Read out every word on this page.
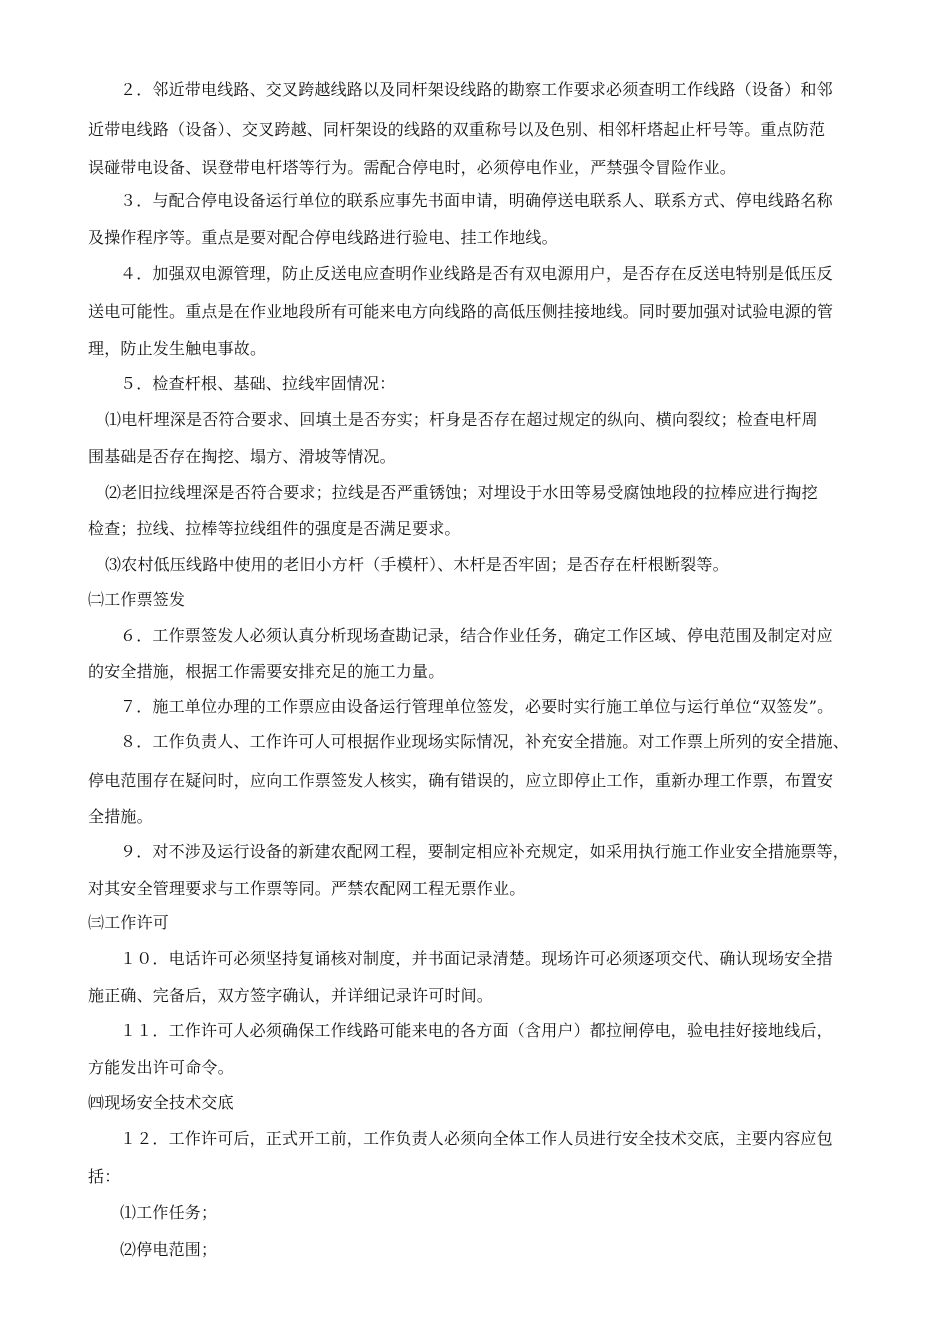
２．邻近带电线路、交叉跨越线路以及同杆架设线路的勘察工作要求必须查明工作线路（设备）和邻
近带电线路（设备）、交叉跨越、同杆架设的线路的双重称号以及色别、相邻杆塔起止杆号等。重点防范
误碰带电设备、误登带电杆塔等行为。需配合停电时，必须停电作业，严禁强令冒险作业。
３．与配合停电设备运行单位的联系应事先书面申请，明确停送电联系人、联系方式、停电线路名称
及操作程序等。重点是要对配合停电线路进行验电、挂工作地线。
４．加强双电源管理，防止反送电应查明作业线路是否有双电源用户，是否存在反送电特别是低压反
送电可能性。重点是在作业地段所有可能来电方向线路的高低压侧挂接地线。同时要加强对试验电源的管
理，防止发生触电事故。
５．检查杆根、基础、拉线牢固情况：
⑴电杆埋深是否符合要求、回填土是否夯实；杆身是否存在超过规定的纵向、横向裂纹；检查电杆周
围基础是否存在掏挖、塌方、滑坡等情况。
⑵老旧拉线埋深是否符合要求；拉线是否严重锈蚀；对埋设于水田等易受腐蚀地段的拉棒应进行掏挖
检查；拉线、拉棒等拉线组件的强度是否满足要求。
⑶农村低压线路中使用的老旧小方杆（手模杆）、木杆是否牢固；是否存在杆根断裂等。
㈡工作票签发
６．工作票签发人必须认真分析现场查勘记录，结合作业任务，确定工作区域、停电范围及制定对应
的安全措施，根据工作需要安排充足的施工力量。
７．施工单位办理的工作票应由设备运行管理单位签发，必要时实行施工单位与运行单位“双签发”。
８．工作负责人、工作许可人可根据作业现场实际情况，补充安全措施。对工作票上所列的安全措施、
停电范围存在疑问时，应向工作票签发人核实，确有错误的，应立即停止工作，重新办理工作票，布置安
全措施。
９．对不涉及运行设备的新建农配网工程，要制定相应补充规定，如采用执行施工作业安全措施票等，
对其安全管理要求与工作票等同。严禁农配网工程无票作业。
㈢工作许可
１０．电话许可必须坚持复诵核对制度，并书面记录清楚。现场许可必须逐项交代、确认现场安全措
施正确、完备后，双方签字确认，并详细记录许可时间。
１１．工作许可人必须确保工作线路可能来电的各方面（含用户）都拉闸停电，验电挂好接地线后，
方能发出许可命令。
㈣现场安全技术交底
１２．工作许可后，正式开工前，工作负责人必须向全体工作人员进行安全技术交底，主要内容应包
括：
⑴工作任务；
⑵停电范围；
